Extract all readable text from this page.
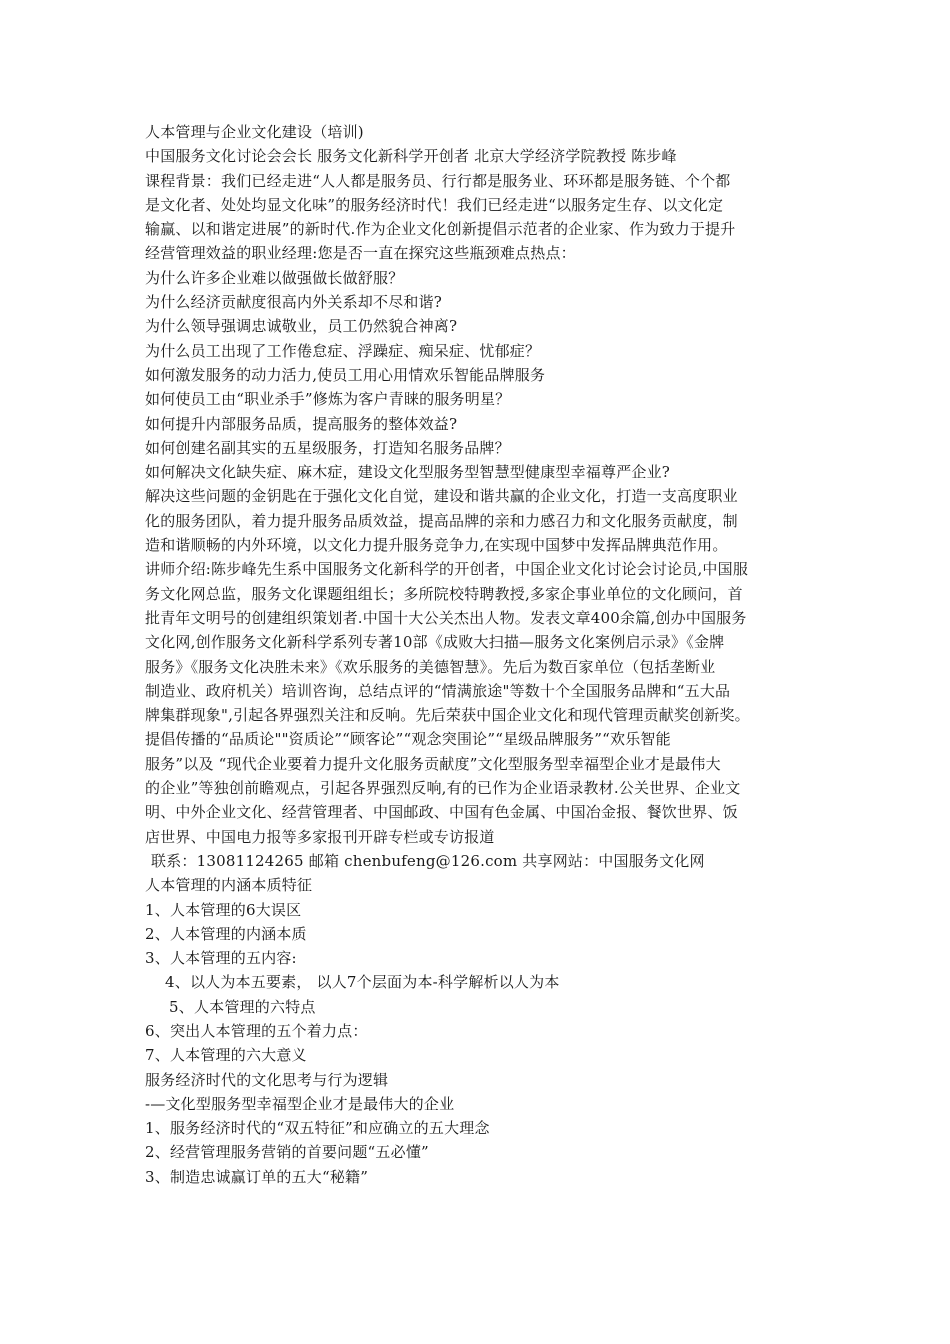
人本管理与企业文化建设（培训)
中国服务文化讨论会会长 服务文化新科学开创者 北京大学经济学院教授 陈步峰
课程背景：我们已经走进“人人都是服务员、行行都是服务业、环环都是服务链、个个都
是文化者、处处均显文化味”的服务经济时代！我们已经走进“以服务定生存、以文化定
输赢、以和谐定进展”的新时代.作为企业文化创新提倡示范者的企业家、作为致力于提升
经营管理效益的职业经理:您是否一直在探究这些瓶颈难点热点：
为什么许多企业难以做强做长做舒服？
为什么经济贡献度很高内外关系却不尽和谐?
为什么领导强调忠诚敬业，员工仍然貌合神离?
为什么员工出现了工作倦怠症、浮躁症、痴呆症、忧郁症？
如何激发服务的动力活力,使员工用心用情欢乐智能品牌服务
如何使员工由“职业杀手”修炼为客户青睐的服务明星？
如何提升内部服务品质，提高服务的整体效益?
如何创建名副其实的五星级服务，打造知名服务品牌？
如何解决文化缺失症、麻木症，建设文化型服务型智慧型健康型幸福尊严企业?
解决这些问题的金钥匙在于强化文化自觉，建设和谐共赢的企业文化，打造一支高度职业
化的服务团队，着力提升服务品质效益，提高品牌的亲和力感召力和文化服务贡献度，制
造和谐顺畅的内外环境，以文化力提升服务竞争力,在实现中国梦中发挥品牌典范作用。
讲师介绍:陈步峰先生系中国服务文化新科学的开创者，中国企业文化讨论会讨论员,中国服
务文化网总监，服务文化课题组组长；多所院校特聘教授,多家企事业单位的文化顾问，首
批青年文明号的创建组织策划者.中国十大公关杰出人物。发表文章400余篇,创办中国服务
文化网,创作服务文化新科学系列专著10部《成败大扫描—服务文化案例启示录》《金牌
服务》《服务文化决胜未来》《欢乐服务的美德智慧》。先后为数百家单位（包括垄断业
制造业、政府机关）培训咨询，总结点评的“情满旅途"等数十个全国服务品牌和“五大品
牌集群现象",引起各界强烈关注和反响。先后荣获中国企业文化和现代管理贡献奖创新奖。
提倡传播的“品质论""资质论”“顾客论”“观念突围论”“星级品牌服务”“欢乐智能
服务”以及 “现代企业要着力提升文化服务贡献度”文化型服务型幸福型企业才是最伟大
的企业”等独创前瞻观点，引起各界强烈反响,有的已作为企业语录教材.公关世界、企业文
明、中外企业文化、经营管理者、中国邮政、中国有色金属、中国冶金报、餐饮世界、饭
店世界、中国电力报等多家报刊开辟专栏或专访报道
联系：13081124265 邮箱 chenbufeng@126.com 共享网站：中国服务文化网
人本管理的内涵本质特征
1、人本管理的6大误区
2、人本管理的内涵本质
3、人本管理的五内容:
4、以人为本五要素， 以人7个层面为本-科学解析以人为本
5、人本管理的六特点
6、突出人本管理的五个着力点：
7、人本管理的六大意义
服务经济时代的文化思考与行为逻辑
-—文化型服务型幸福型企业才是最伟大的企业
1、服务经济时代的“双五特征”和应确立的五大理念
2、经营管理服务营销的首要问题“五必懂”
3、制造忠诚赢订单的五大“秘籍”
